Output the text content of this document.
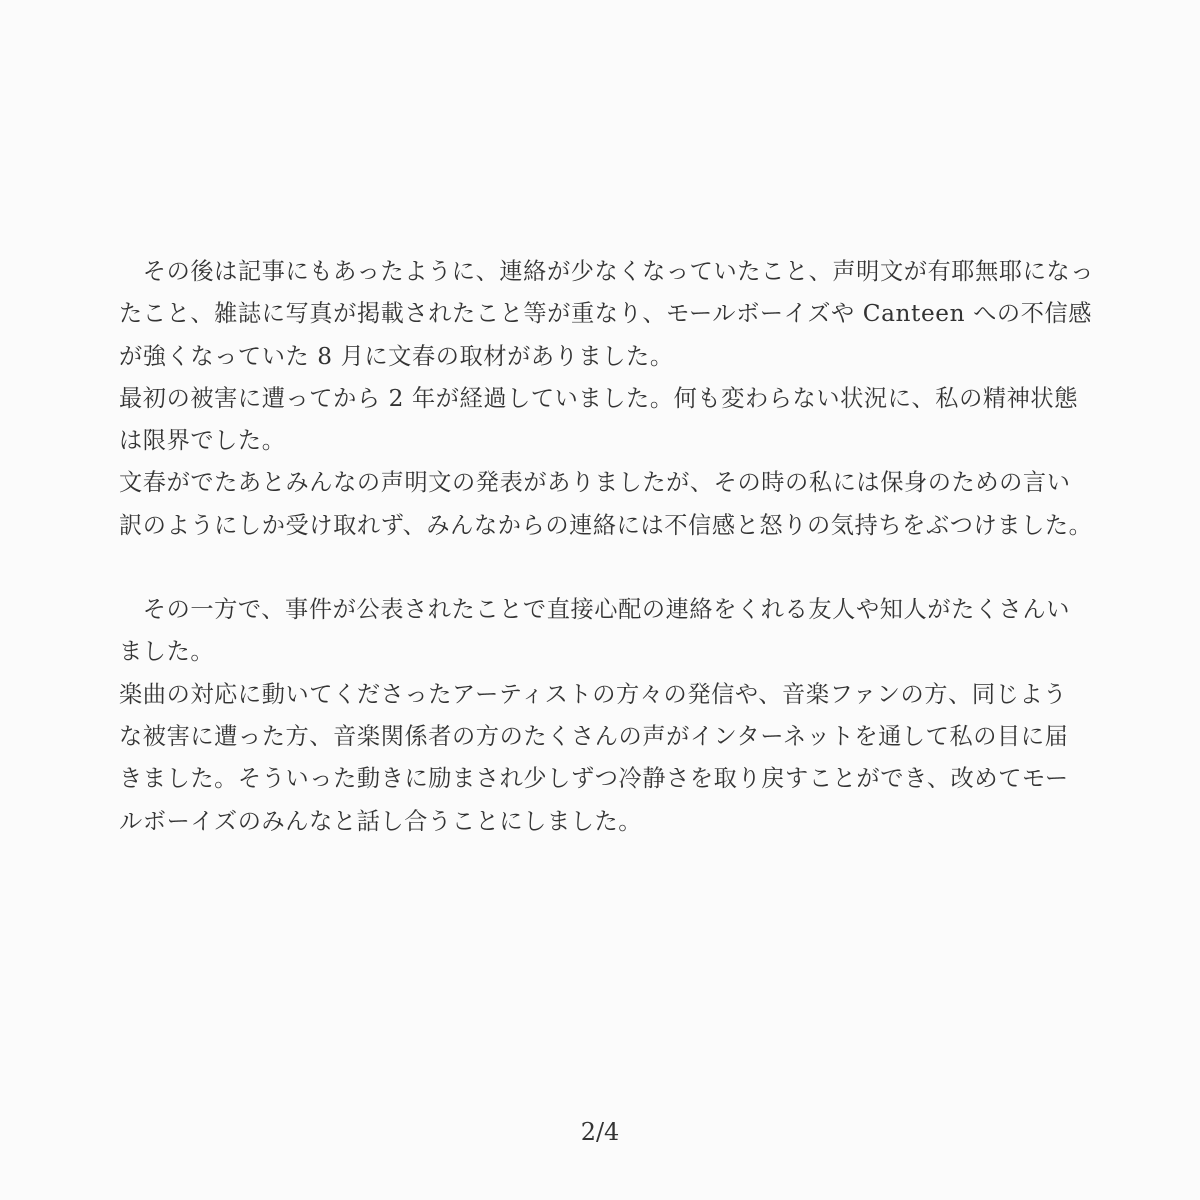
　その後は記事にもあったように、連絡が少なくなっていたこと、声明文が有耶無耶になっ
たこと、雑誌に写真が掲載されたこと等が重なり、モールボーイズや Canteen への不信感
が強くなっていた 8 月に文春の取材がありました。
最初の被害に遭ってから 2 年が経過していました。何も変わらない状況に、私の精神状態
は限界でした。
文春がでたあとみんなの声明文の発表がありましたが、その時の私には保身のための言い
訳のようにしか受け取れず、みんなからの連絡には不信感と怒りの気持ちをぶつけました。
　その一方で、事件が公表されたことで直接心配の連絡をくれる友人や知人がたくさんい
ました。
楽曲の対応に動いてくださったアーティストの方々の発信や、音楽ファンの方、同じよう
な被害に遭った方、音楽関係者の方のたくさんの声がインターネットを通して私の目に届
きました。そういった動きに励まされ少しずつ冷静さを取り戻すことができ、改めてモー
ルボーイズのみんなと話し合うことにしました。
2/4
